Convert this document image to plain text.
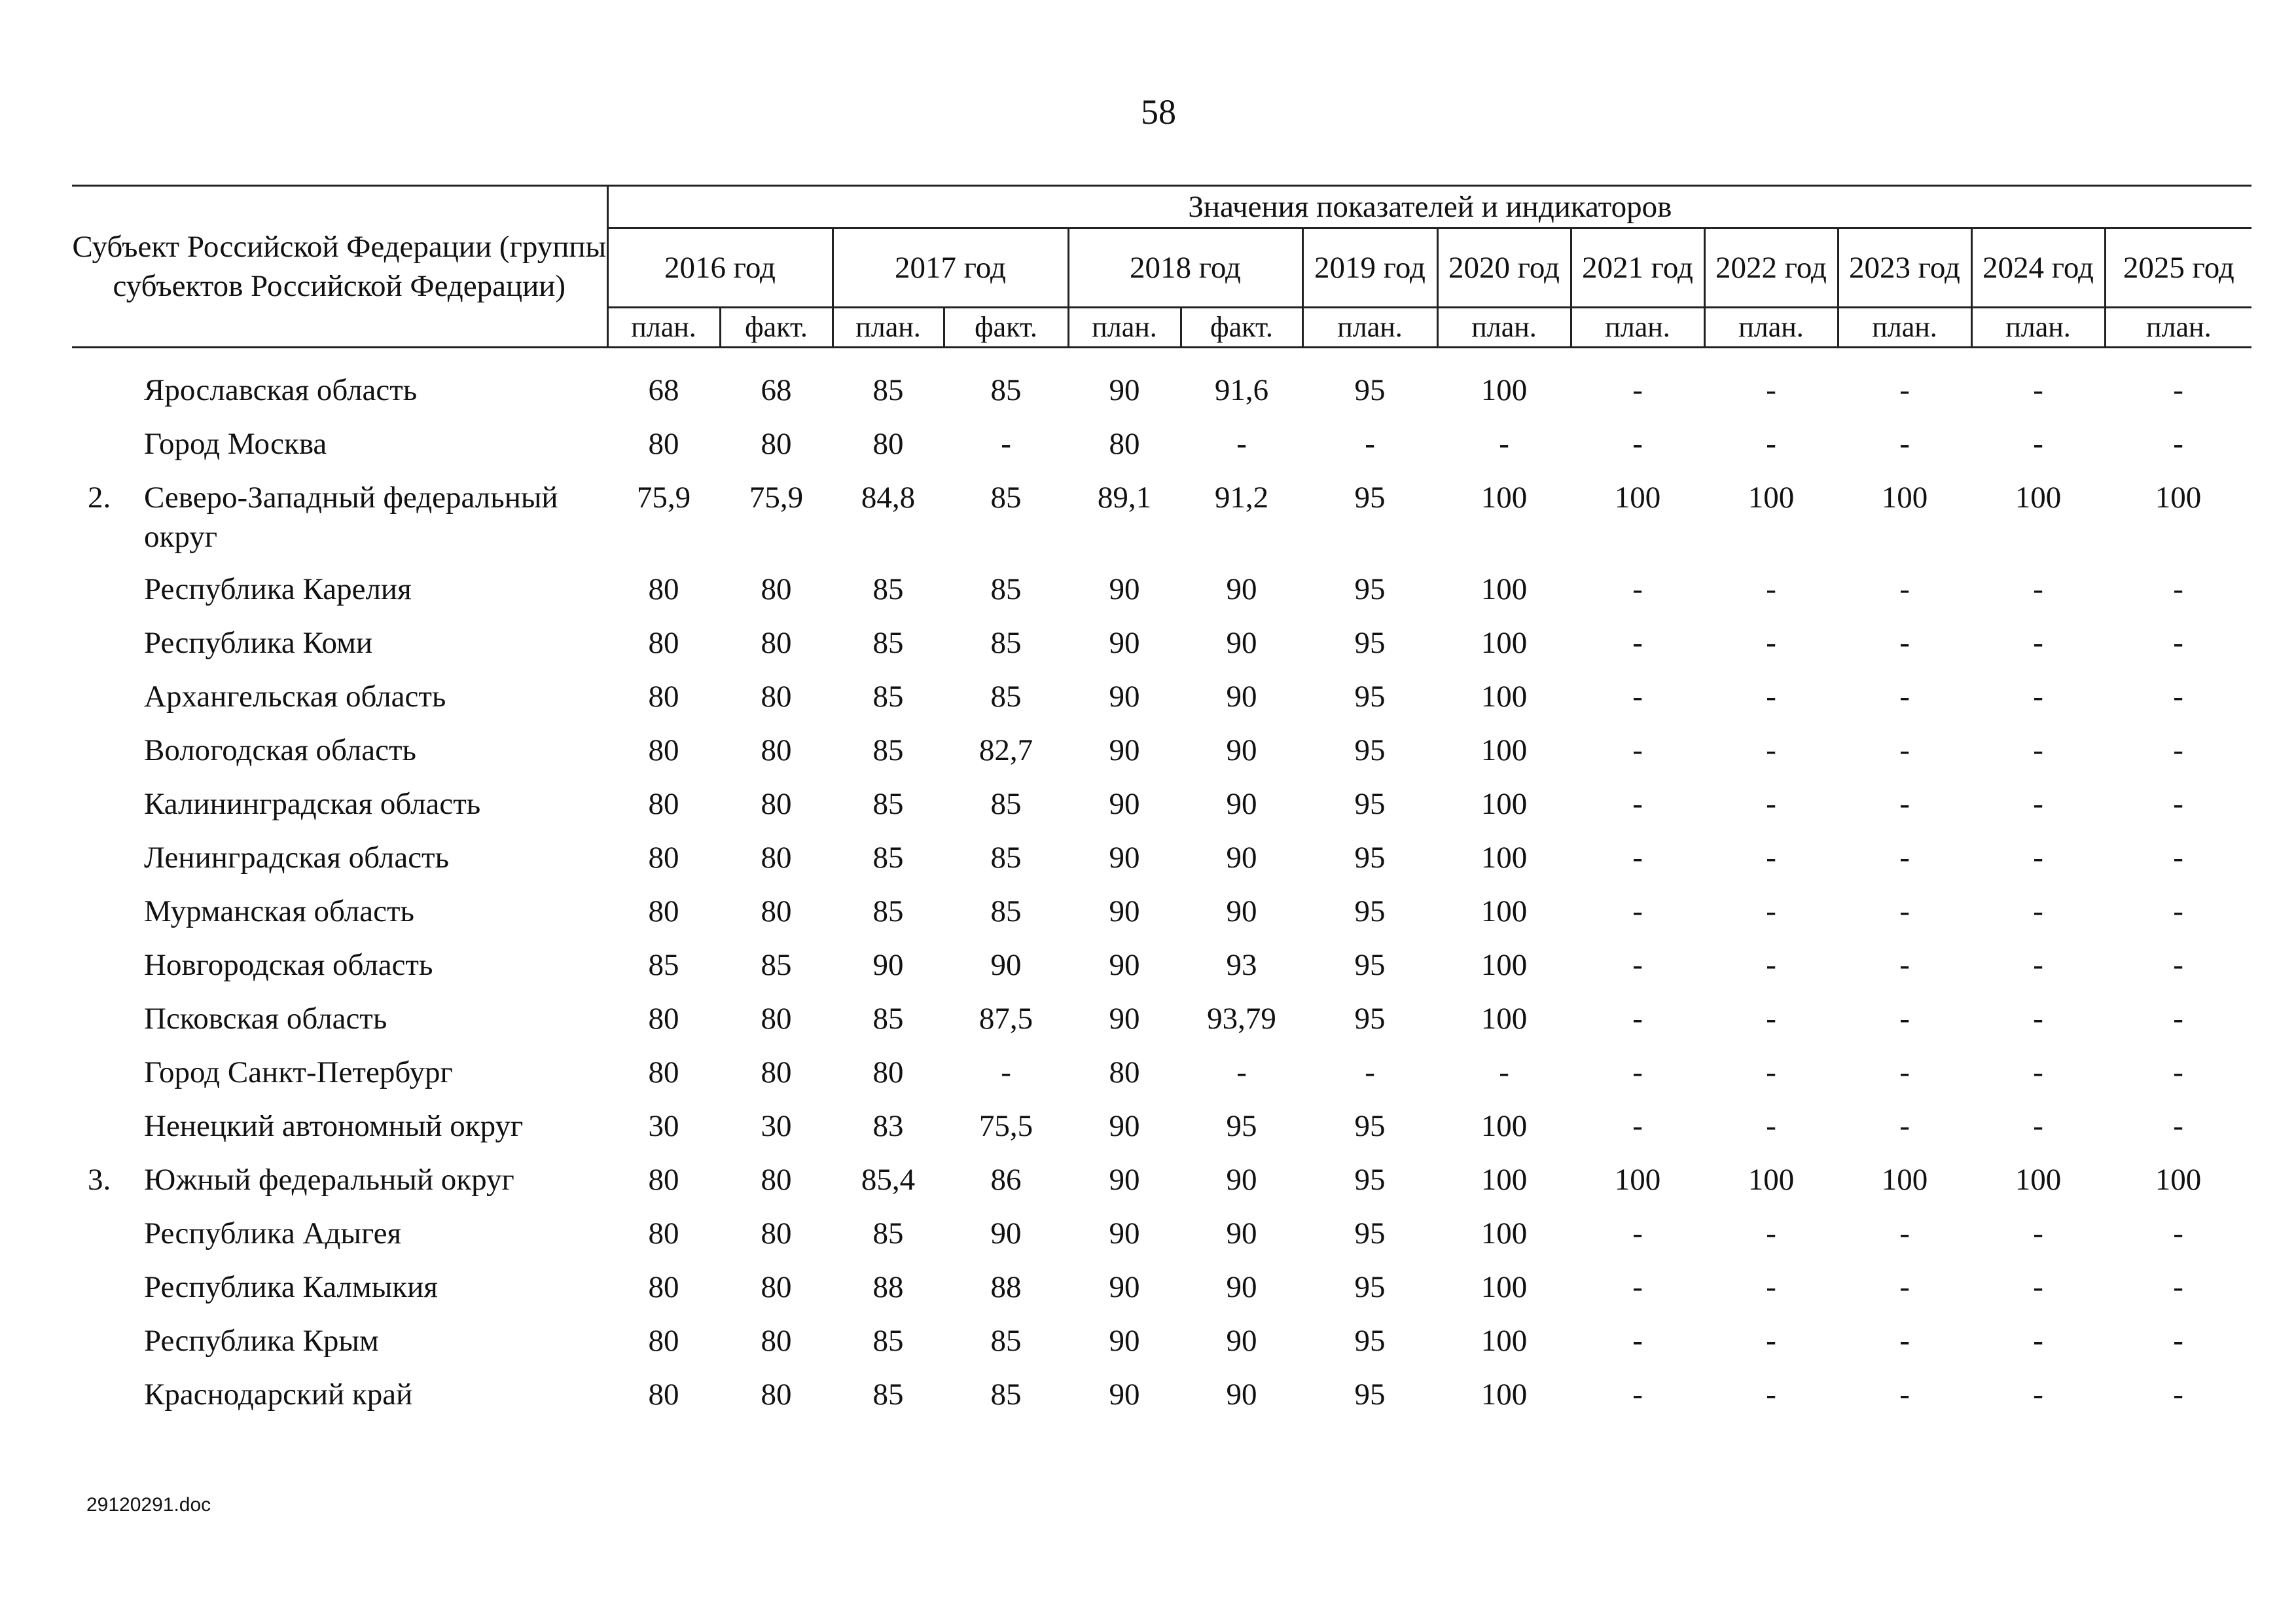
58
Субъект Российской Федерации (группы субъектов Российской Федерации)		Значения показателей и индикаторов												
		2016 год		2017 год		2018 год		2019 год	2020 год	2021 год	2022 год	2023 год	2024 год	2025 год
		план.	факт.	план.	факт.	план.	факт.	план.	план.	план.	план.	план.	план.	план.

	Ярославская область	68	68	85	85	90	91,6	95	100	-	-	-	-	-
	Город Москва	80	80	80	-	80	-	-	-	-	-	-	-	-
2.	Северо-Западный федеральный округ	75,9	75,9	84,8	85	89,1	91,2	95	100	100	100	100	100	100
	Республика Карелия	80	80	85	85	90	90	95	100	-	-	-	-	-
	Республика Коми	80	80	85	85	90	90	95	100	-	-	-	-	-
	Архангельская область	80	80	85	85	90	90	95	100	-	-	-	-	-
	Вологодская область	80	80	85	82,7	90	90	95	100	-	-	-	-	-
	Калининградская область	80	80	85	85	90	90	95	100	-	-	-	-	-
	Ленинградская область	80	80	85	85	90	90	95	100	-	-	-	-	-
	Мурманская область	80	80	85	85	90	90	95	100	-	-	-	-	-
	Новгородская область	85	85	90	90	90	93	95	100	-	-	-	-	-
	Псковская область	80	80	85	87,5	90	93,79	95	100	-	-	-	-	-
	Город Санкт-Петербург	80	80	80	-	80	-	-	-	-	-	-	-	-
	Ненецкий автономный округ	30	30	83	75,5	90	95	95	100	-	-	-	-	-
3.	Южный федеральный округ	80	80	85,4	86	90	90	95	100	100	100	100	100	100
	Республика Адыгея	80	80	85	90	90	90	95	100	-	-	-	-	-
	Республика Калмыкия	80	80	88	88	90	90	95	100	-	-	-	-	-
	Республика Крым	80	80	85	85	90	90	95	100	-	-	-	-	-
	Краснодарский край	80	80	85	85	90	90	95	100	-	-	-	-	-
29120291.doc
